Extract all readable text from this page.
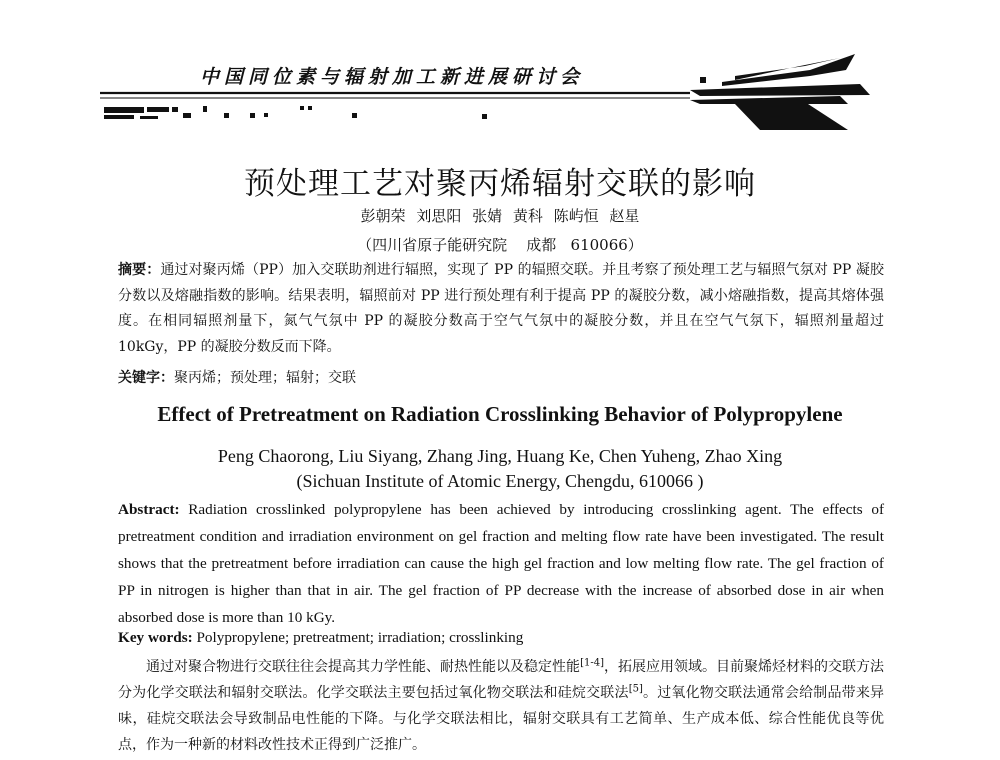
中国同位素与辐射加工新进展研讨会
预处理工艺对聚丙烯辐射交联的影响
彭朝荣 刘思阳 张婧 黄科 陈屿恒 赵星
（四川省原子能研究院    成都   610066）
摘要：通过对聚丙烯（PP）加入交联助剂进行辐照，实现了 PP 的辐照交联。并且考察了预处理工艺与辐照气氛对 PP 凝胶分数以及熔融指数的影响。结果表明，辐照前对 PP 进行预处理有利于提高 PP 的凝胶分数，减小熔融指数，提高其熔体强度。在相同辐照剂量下，氮气气氛中 PP 的凝胶分数高于空气气氛中的凝胶分数，并且在空气气氛下，辐照剂量超过 10kGy，PP 的凝胶分数反而下降。
关键字：聚丙烯；预处理；辐射；交联
Effect of Pretreatment on Radiation Crosslinking Behavior of Polypropylene
Peng Chaorong, Liu Siyang, Zhang Jing, Huang Ke, Chen Yuheng, Zhao Xing
(Sichuan Institute of Atomic Energy, Chengdu, 610066 )
Abstract: Radiation crosslinked polypropylene has been achieved by introducing crosslinking agent. The effects of pretreatment condition and irradiation environment on gel fraction and melting flow rate have been investigated. The result shows that the pretreatment before irradiation can cause the high gel fraction and low melting flow rate. The gel fraction of PP in nitrogen is higher than that in air. The gel fraction of PP decrease with the increase of absorbed dose in air when absorbed dose is more than 10 kGy.
Key words: Polypropylene; pretreatment; irradiation; crosslinking

通过对聚合物进行交联往往会提高其力学性能、耐热性能以及稳定性能[1-4]，拓展应用领域。目前聚烯烃材料的交联方法分为化学交联法和辐射交联法。化学交联法主要包括过氧化物交联法和硅烷交联法[5]。过氧化物交联法通常会给制品带来异味，硅烷交联法会导致制品电性能的下降。与化学交联法相比，辐射交联具有工艺简单、生产成本低、综合性能优良等优点，作为一种新的材料改性技术正得到广泛推广。
